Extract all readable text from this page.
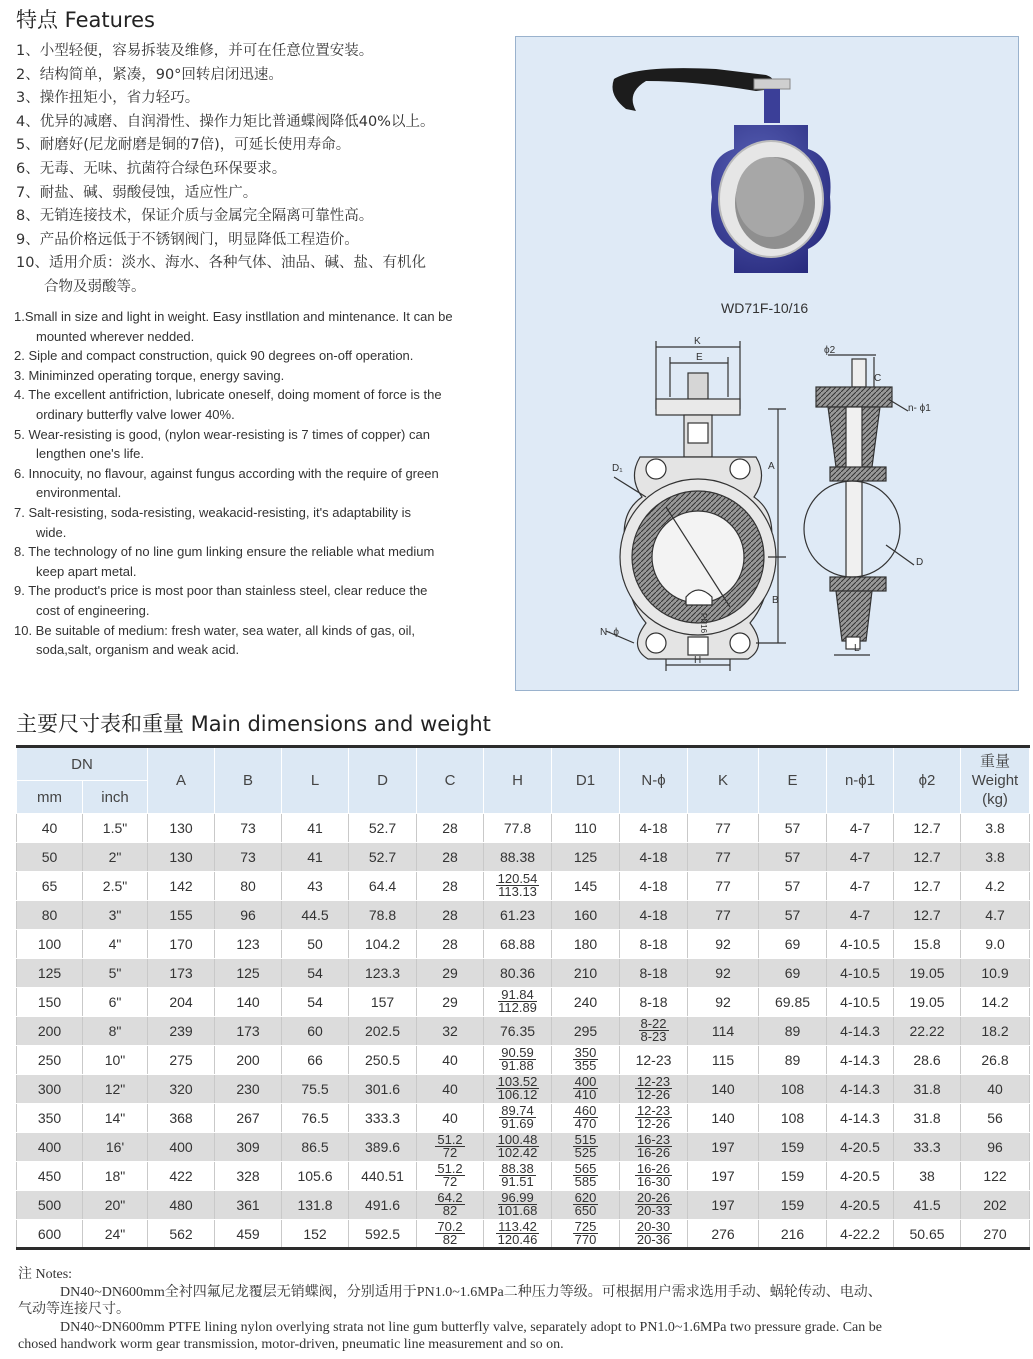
特点 Features
1、小型轻便，容易拆装及维修，并可在任意位置安装。
2、结构简单，紧凑，90°回转启闭迅速。
3、操作扭矩小，省力轻巧。
4、优异的减磨、自润滑性、操作力矩比普通蝶阀降低40%以上。
5、耐磨好(尼龙耐磨是铜的7倍)，可延长使用寿命。
6、无毒、无味、抗菌符合绿色环保要求。
7、耐盐、碱、弱酸侵蚀，适应性广。
8、无销连接技术，保证介质与金属完全隔离可靠性高。
9、产品价格远低于不锈钢阀门，明显降低工程造价。
10、适用介质：淡水、海水、各种气体、油品、碱、盐、有机化
合物及弱酸等。
1.Small in size and light in weight. Easy instllation and mintenance. It can be
mounted wherever nedded.
2. Siple and compact construction, quick 90 degrees on-off operation.
3. Miniminzed operating torque, energy saving.
4. The excellent antifriction, lubricate oneself, doing moment of force is the
ordinary butterfly valve lower 40%.
5. Wear-resisting is good, (nylon wear-resisting is 7 times of copper) can
lengthen one's life.
6. Innocuity, no flavour, against fungus according with the require of green
environmental.
7. Salt-resisting, soda-resisting, weakacid-resisting, it's adaptability is
wide.
8. The technology of no line gum linking ensure the reliable what medium
keep apart metal.
9. The product's price is most poor than stainless steel, clear reduce the
cost of engineering.
10. Be suitable of medium: fresh water, sea water, all kinds of gas, oil,
soda,salt, organism and weak acid.
WD71F-10/16
K
E
A
B
H
D₁
N- ϕ	PN16
ϕ2
C
n- ϕ1
D
L
主要尺寸表和重量 Main dimensions and weight
DN		A	B	L	D	C	H	D1	N-ϕ	K	E	n-ϕ1	ϕ2	重量
Weight
(kg)
mm	inch													
40	1.5"	130	73	41	52.7	28	77.8	110	4-18	77	57	4-7	12.7	3.8
50	2"	130	73	41	52.7	28	88.38	125	4-18	77	57	4-7	12.7	3.8
65	2.5"	142	80	43	64.4	28	$\frac{120.54}{113.13}$	145	4-18	77	57	4-7	12.7	4.2
80	3"	155	96	44.5	78.8	28	61.23	160	4-18	77	57	4-7	12.7	4.7
100	4"	170	123	50	104.2	28	68.88	180	8-18	92	69	4-10.5	15.8	9.0
125	5"	173	125	54	123.3	29	80.36	210	8-18	92	69	4-10.5	19.05	10.9
150	6"	204	140	54	157	29	$\frac{91.84}{112.89}$	240	8-18	92	69.85	4-10.5	19.05	14.2
200	8"	239	173	60	202.5	32	76.35	295	$\frac{8-22}{8-23}$	114	89	4-14.3	22.22	18.2
250	10"	275	200	66	250.5	40	$\frac{90.59}{91.88}$	$\frac{350}{355}$	12-23	115	89	4-14.3	28.6	26.8
300	12"	320	230	75.5	301.6	40	$\frac{103.52}{106.12}$	$\frac{400}{410}$	$\frac{12-23}{12-26}$	140	108	4-14.3	31.8	40
350	14"	368	267	76.5	333.3	40	$\frac{89.74}{91.69}$	$\frac{460}{470}$	$\frac{12-23}{12-26}$	140	108	4-14.3	31.8	56
400	16'	400	309	86.5	389.6	$\frac{51.2}{72}$	$\frac{100.48}{102.42}$	$\frac{515}{525}$	$\frac{16-23}{16-26}$	197	159	4-20.5	33.3	96
450	18"	422	328	105.6	440.51	$\frac{51.2}{72}$	$\frac{88.38}{91.51}$	$\frac{565}{585}$	$\frac{16-26}{16-30}$	197	159	4-20.5	38	122
500	20"	480	361	131.8	491.6	$\frac{64.2}{82}$	$\frac{96.99}{101.68}$	$\frac{620}{650}$	$\frac{20-26}{20-33}$	197	159	4-20.5	41.5	202
600	24"	562	459	152	592.5	$\frac{70.2}{82}$	$\frac{113.42}{120.46}$	$\frac{725}{770}$	$\frac{20-30}{20-36}$	276	216	4-22.2	50.65	270
注 Notes:
DN40~DN600mm全衬四氟尼龙覆层无销蝶阀，分别适用于PN1.0~1.6MPa二种压力等级。可根据用户需求选用手动、蜗轮传动、电动、
气动等连接尺寸。
DN40~DN600mm PTFE lining nylon overlying strata not line gum butterfly valve, separately adopt to PN1.0~1.6MPa two pressure grade. Can be
chosed handwork worm gear transmission, motor-driven, pneumatic line measurement and so on.
